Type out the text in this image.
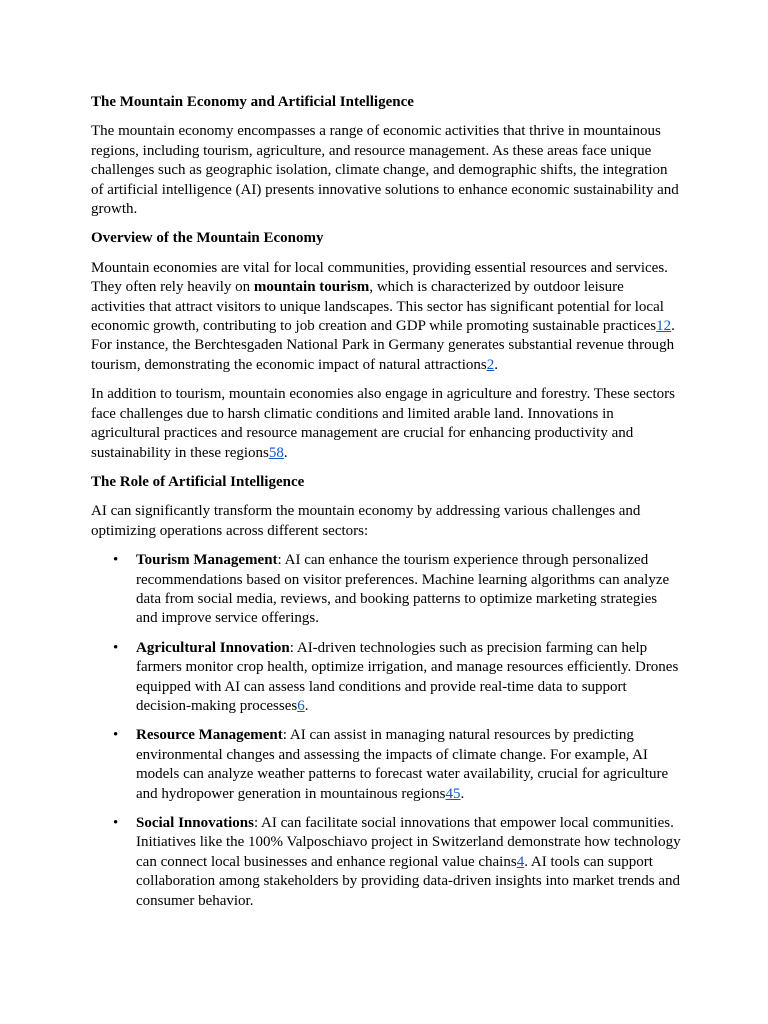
The Mountain Economy and Artificial Intelligence

The mountain economy encompasses a range of economic activities that thrive in mountainous regions, including tourism, agriculture, and resource management. As these areas face unique challenges such as geographic isolation, climate change, and demographic shifts, the integration of artificial intelligence (AI) presents innovative solutions to enhance economic sustainability and growth.

Overview of the Mountain Economy

Mountain economies are vital for local communities, providing essential resources and services. They often rely heavily on mountain tourism, which is characterized by outdoor leisure activities that attract visitors to unique landscapes. This sector has significant potential for local economic growth, contributing to job creation and GDP while promoting sustainable practices12. For instance, the Berchtesgaden National Park in Germany generates substantial revenue through tourism, demonstrating the economic impact of natural attractions2.

In addition to tourism, mountain economies also engage in agriculture and forestry. These sectors face challenges due to harsh climatic conditions and limited arable land. Innovations in agricultural practices and resource management are crucial for enhancing productivity and sustainability in these regions58.

The Role of Artificial Intelligence

AI can significantly transform the mountain economy by addressing various challenges and optimizing operations across different sectors:

• Tourism Management: AI can enhance the tourism experience through personalized recommendations based on visitor preferences. Machine learning algorithms can analyze data from social media, reviews, and booking patterns to optimize marketing strategies and improve service offerings.
• Agricultural Innovation: AI-driven technologies such as precision farming can help farmers monitor crop health, optimize irrigation, and manage resources efficiently. Drones equipped with AI can assess land conditions and provide real-time data to support decision-making processes6.
• Resource Management: AI can assist in managing natural resources by predicting environmental changes and assessing the impacts of climate change. For example, AI models can analyze weather patterns to forecast water availability, crucial for agriculture and hydropower generation in mountainous regions45.
• Social Innovations: AI can facilitate social innovations that empower local communities. Initiatives like the 100% Valposchiavo project in Switzerland demonstrate how technology can connect local businesses and enhance regional value chains4. AI tools can support collaboration among stakeholders by providing data-driven insights into market trends and consumer behavior.
